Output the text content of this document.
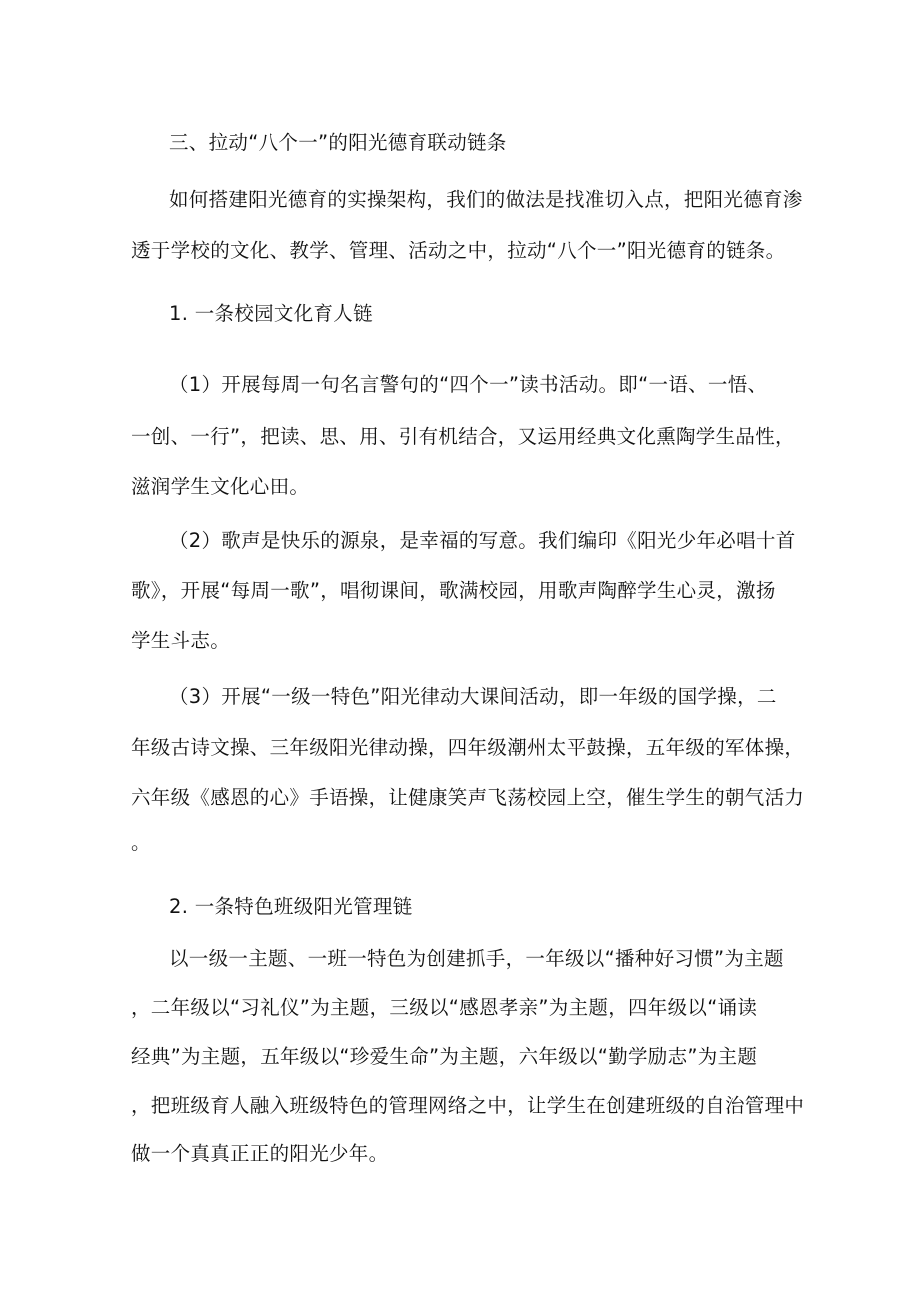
三、拉动“八个一”的阳光德育联动链条
如何搭建阳光德育的实操架构，我们的做法是找准切入点，把阳光德育渗
透于学校的文化、教学、管理、活动之中，拉动“八个一”阳光德育的链条。
1. 一条校园文化育人链
（1）开展每周一句名言警句的“四个一”读书活动。即“一语、一悟、
一创、一行”，把读、思、用、引有机结合，又运用经典文化熏陶学生品性，
滋润学生文化心田。
（2）歌声是快乐的源泉，是幸福的写意。我们编印《阳光少年必唱十首
歌》，开展“每周一歌”，唱彻课间，歌满校园，用歌声陶醉学生心灵，激扬
学生斗志。
（3）开展“一级一特色”阳光律动大课间活动，即一年级的国学操，二
年级古诗文操、三年级阳光律动操，四年级潮州太平鼓操，五年级的军体操，
六年级《感恩的心》手语操，让健康笑声飞荡校园上空，催生学生的朝气活力
。
2. 一条特色班级阳光管理链
以一级一主题、一班一特色为创建抓手，一年级以“播种好习惯”为主题
，二年级以“习礼仪”为主题，三级以“感恩孝亲”为主题，四年级以“诵读
经典”为主题，五年级以“珍爱生命”为主题，六年级以“勤学励志”为主题
，把班级育人融入班级特色的管理网络之中，让学生在创建班级的自治管理中
做一个真真正正的阳光少年。
